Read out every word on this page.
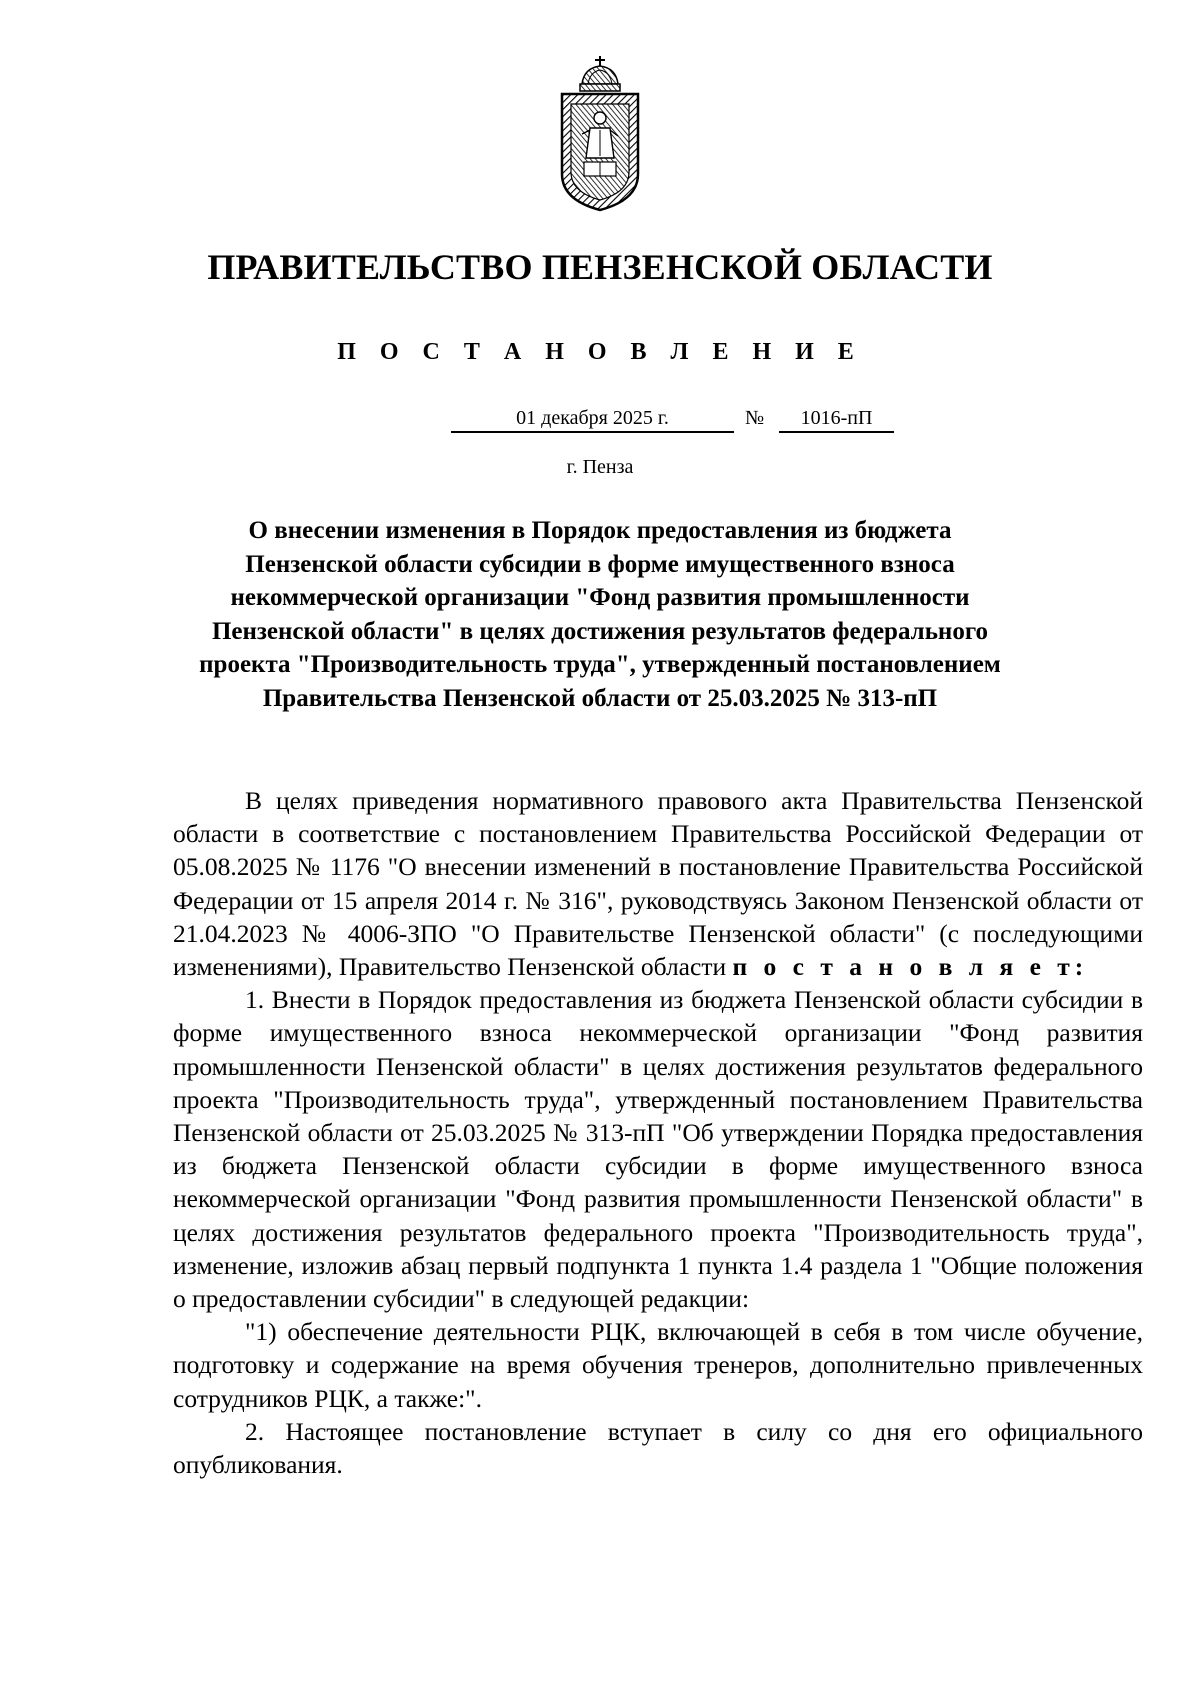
ПРАВИТЕЛЬСТВО ПЕНЗЕНСКОЙ ОБЛАСТИ
П О С Т А Н О В Л Е Н И Е
01 декабря 2025 г.	№	1016-пП
г. Пенза
О внесении изменения в Порядок предоставления из бюджета
Пензенской области субсидии в форме имущественного взноса
некоммерческой организации "Фонд развития промышленности
Пензенской области" в целях достижения результатов федерального
проекта "Производительность труда", утвержденный постановлением
Правительства Пензенской области от 25.03.2025 № 313-пП

В целях приведения нормативного правового акта Правительства Пензенской области в соответствие с постановлением Правительства Российской Федерации от 05.08.2025 № 1176 "О внесении изменений в постановление Правительства Российской Федерации от 15 апреля 2014 г. № 316", руководствуясь Законом Пензенской области от 21.04.2023 № 4006-ЗПО "О Правительстве Пензенской области" (с последующими изменениями), Правительство Пензенской области п о с т а н о в л я е т:

1. Внести в Порядок предоставления из бюджета Пензенской области субсидии в форме имущественного взноса некоммерческой организации "Фонд развития промышленности Пензенской области" в целях достижения результатов федерального проекта "Производительность труда", утвержденный постановлением Правительства Пензенской области от 25.03.2025 № 313-пП "Об утверждении Порядка предоставления из бюджета Пензенской области субсидии в форме имущественного взноса некоммерческой организации "Фонд развития промышленности Пензенской области" в целях достижения результатов федерального проекта "Производительность труда", изменение, изложив абзац первый подпункта 1 пункта 1.4 раздела 1 "Общие положения о предоставлении субсидии" в следующей редакции:

"1) обеспечение деятельности РЦК, включающей в себя в том числе обучение, подготовку и содержание на время обучения тренеров, дополнительно привлеченных сотрудников РЦК, а также:".

2. Настоящее постановление вступает в силу со дня его официального опубликования.
